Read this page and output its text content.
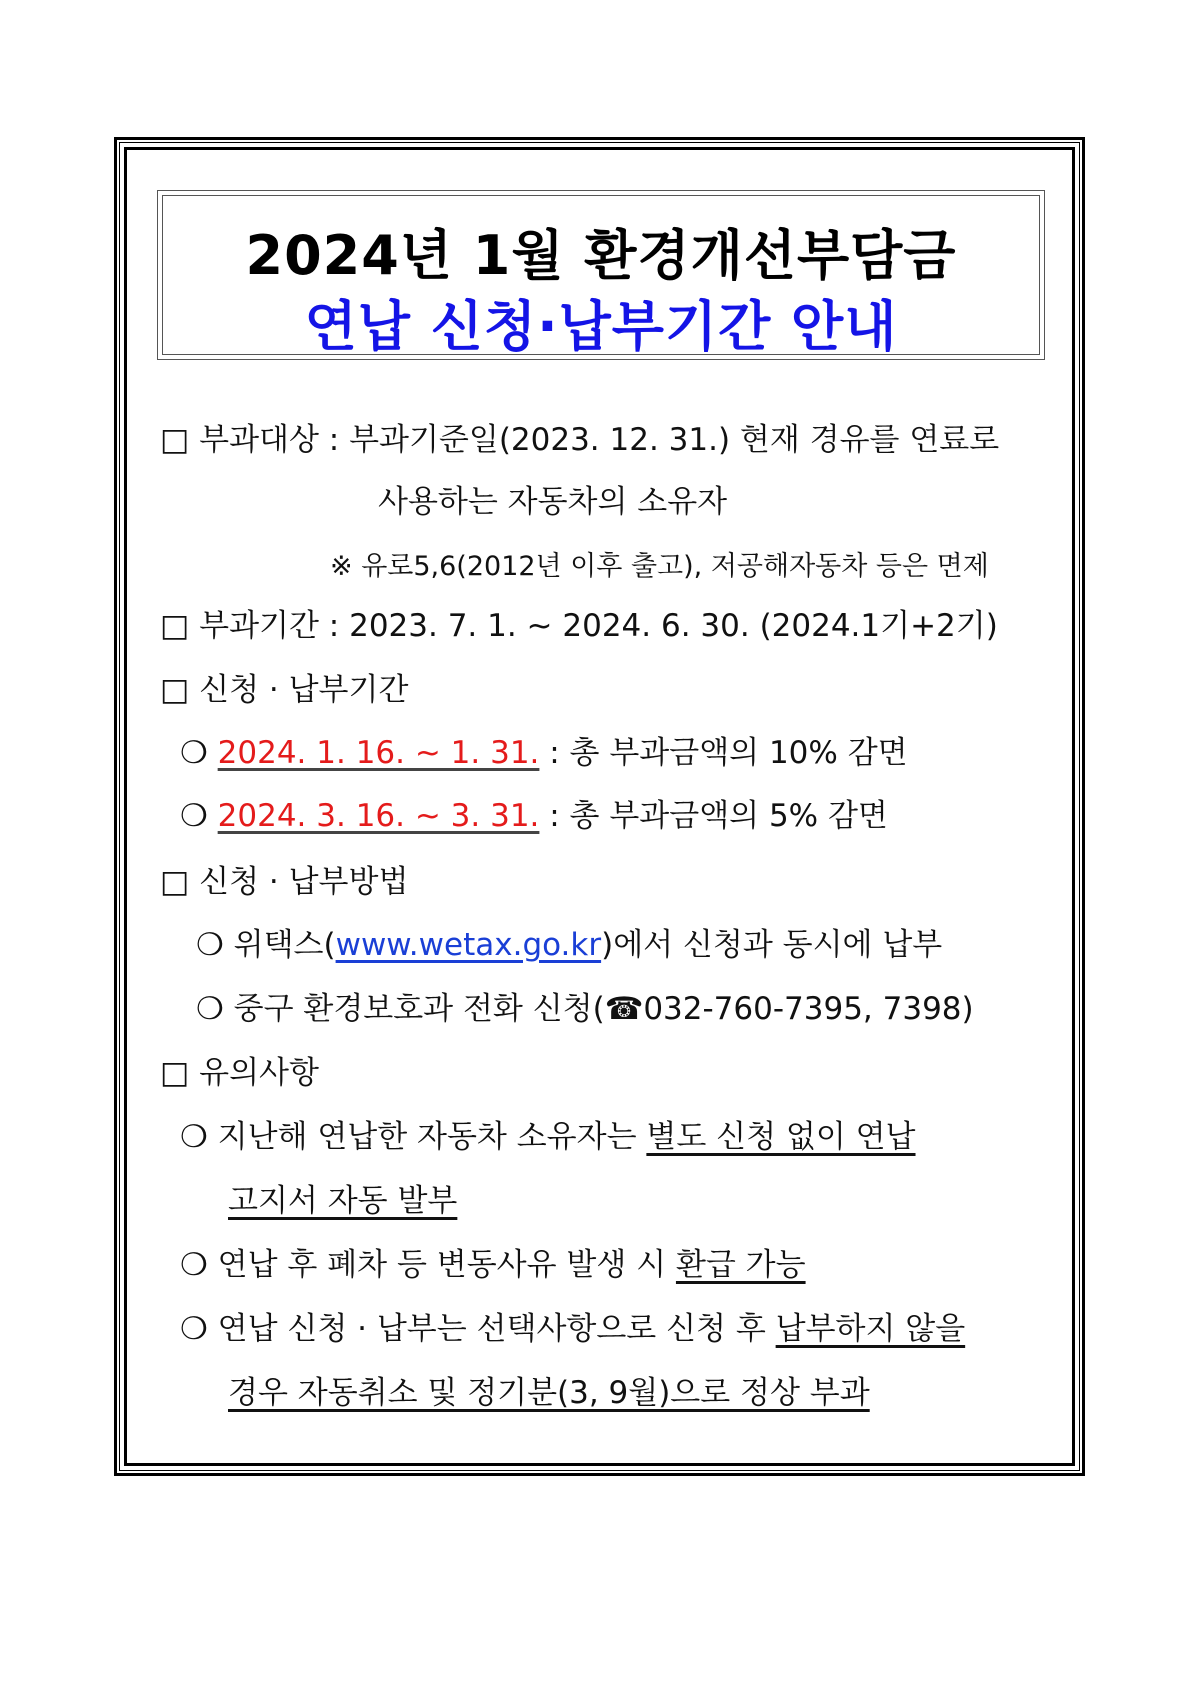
2024년 1월 환경개선부담금
연납 신청·납부기간 안내
□ 부과대상 : 부과기준일(2023. 12. 31.) 현재 경유를 연료로
사용하는 자동차의 소유자
※ 유로5,6(2012년 이후 출고), 저공해자동차 등은 면제
□ 부과기간 : 2023. 7. 1. ~ 2024. 6. 30. (2024.1기+2기)
□ 신청 · 납부기간
❍ 2024. 1. 16. ~ 1. 31. : 총 부과금액의 10% 감면
❍ 2024. 3. 16. ~ 3. 31. : 총 부과금액의 5% 감면
□ 신청 · 납부방법
❍ 위택스(www.wetax.go.kr)에서 신청과 동시에 납부
❍ 중구 환경보호과 전화 신청(☎032-760-7395, 7398)
□ 유의사항
❍ 지난해 연납한 자동차 소유자는 별도 신청 없이 연납
고지서 자동 발부
❍ 연납 후 폐차 등 변동사유 발생 시 환급 가능
❍ 연납 신청 · 납부는 선택사항으로 신청 후 납부하지 않을
경우 자동취소 및 정기분(3, 9월)으로 정상 부과
